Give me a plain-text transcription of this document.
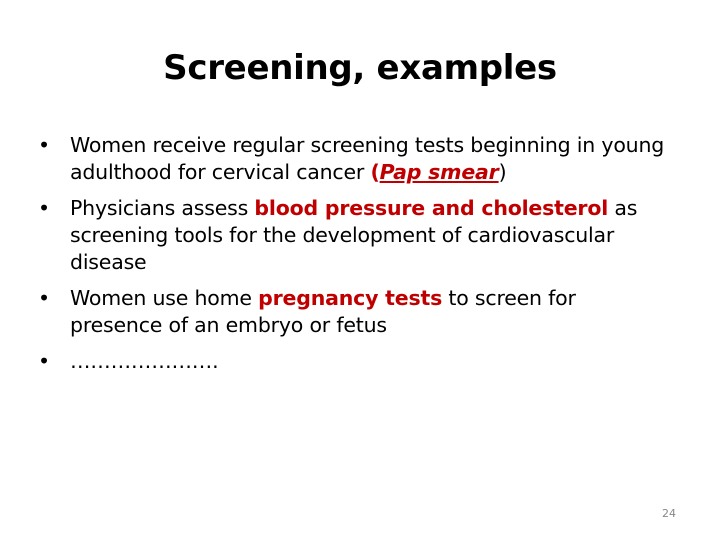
Screening, examples
• Women receive regular screening tests beginning in young adulthood for cervical cancer (Pap smear)
• Physicians assess blood pressure and cholesterol as screening tools for the development of cardiovascular disease
• Women use home pregnancy tests to screen for presence of an embryo or fetus
• ………………….
24
